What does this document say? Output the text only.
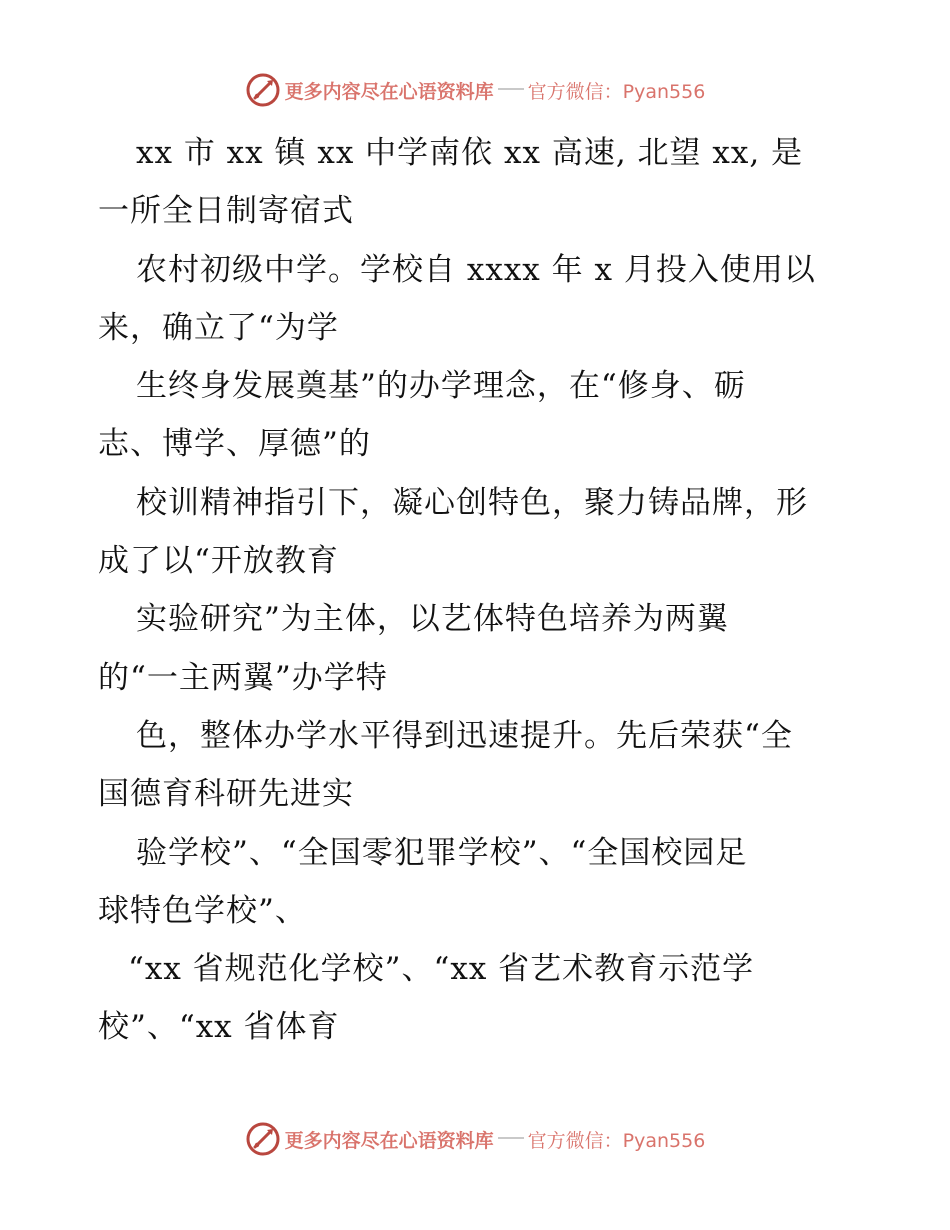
更多内容尽在心语资料库 官方微信：Pyan556
xx 市 xx 镇 xx 中学南依 xx 高速, 北望 xx, 是
一所全日制寄宿式
农村初级中学。学校自 xxxx 年 x 月投入使用以
来，确立了“为学
生终身发展奠基”的办学理念，在“修身、砺
志、博学、厚德”的
校训精神指引下，凝心创特色，聚力铸品牌，形
成了以“开放教育
实验研究”为主体，以艺体特色培养为两翼
的“一主两翼”办学特
色，整体办学水平得到迅速提升。先后荣获“全
国德育科研先进实
验学校”、“全国零犯罪学校”、“全国校园足
球特色学校”、
“xx 省规范化学校”、“xx 省艺术教育示范学
校”、“xx 省体育
更多内容尽在心语资料库 官方微信：Pyan556
